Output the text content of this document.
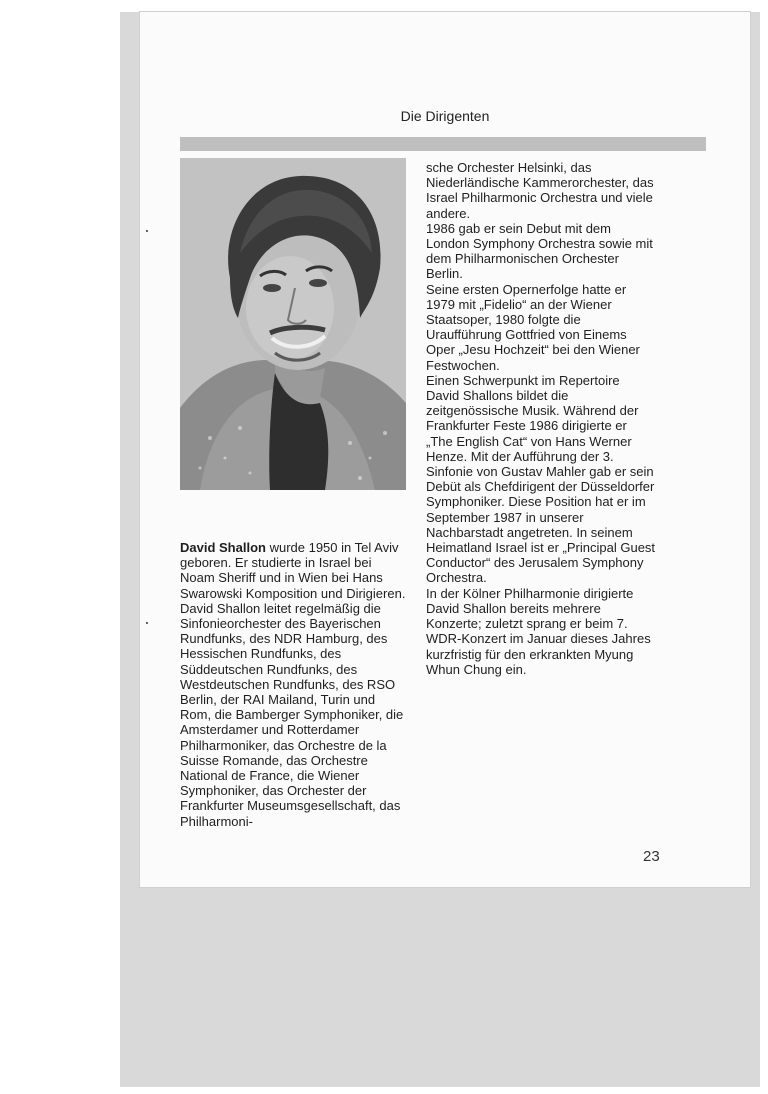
Die Dirigenten

David Shallon wurde 1950 in Tel Aviv geboren. Er studierte in Israel bei Noam Sheriff und in Wien bei Hans Swarowski Komposition und Dirigieren.

David Shallon leitet regelmäßig die Sinfonieorchester des Bayerischen Rundfunks, des NDR Hamburg, des Hessischen Rundfunks, des Süddeutschen Rundfunks, des Westdeutschen Rundfunks, des RSO Berlin, der RAI Mailand, Turin und Rom, die Bamberger Symphoniker, die Amsterdamer und Rotterdamer Philharmoniker, das Orchestre de la Suisse Romande, das Orchestre National de France, die Wiener Symphoniker, das Orchester der Frankfurter Museumsgesellschaft, das Philharmoni-

sche Orchester Helsinki, das Niederländische Kammerorchester, das Israel Philharmonic Orchestra und viele andere.

1986 gab er sein Debut mit dem London Symphony Orchestra sowie mit dem Philharmonischen Orchester Berlin.

Seine ersten Opernerfolge hatte er 1979 mit „Fidelio“ an der Wiener Staatsoper, 1980 folgte die Uraufführung Gottfried von Einems Oper „Jesu Hochzeit“ bei den Wiener Festwochen.

Einen Schwerpunkt im Repertoire David Shallons bildet die zeitgenössische Musik. Während der Frankfurter Feste 1986 dirigierte er „The English Cat“ von Hans Werner Henze. Mit der Aufführung der 3. Sinfonie von Gustav Mahler gab er sein Debüt als Chefdirigent der Düsseldorfer Symphoniker. Diese Position hat er im September 1987 in unserer Nachbarstadt angetreten. In seinem Heimatland Israel ist er „Principal Guest Conductor“ des Jerusalem Symphony Orchestra.

In der Kölner Philharmonie dirigierte David Shallon bereits mehrere Konzerte; zuletzt sprang er beim 7. WDR-Konzert im Januar dieses Jahres kurzfristig für den erkrankten Myung Whun Chung ein.

23
